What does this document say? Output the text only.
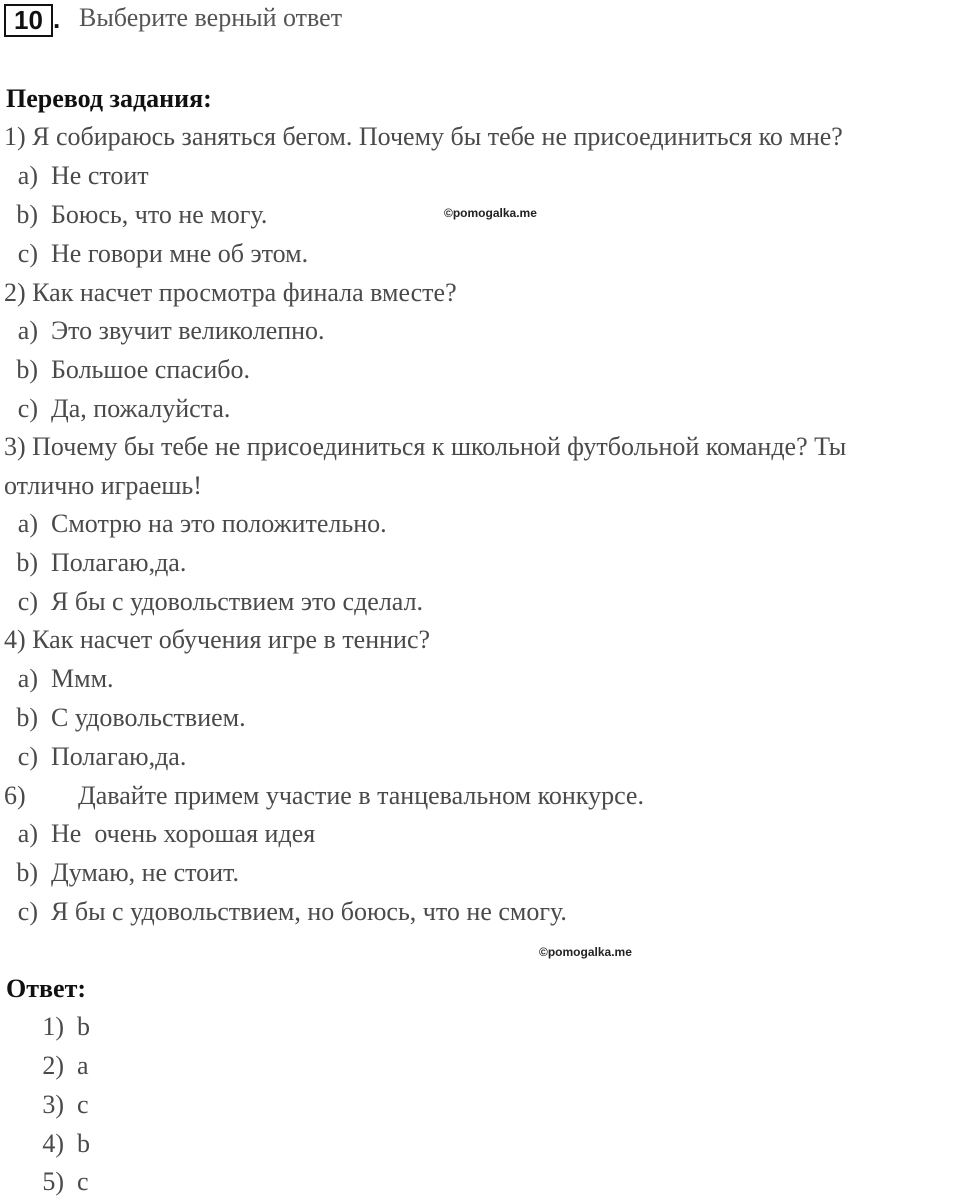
10 . Выберите верный ответ
Перевод задания:
1) Я собираюсь заняться бегом. Почему бы тебе не присоединиться ко мне?
a) Не стоит
b) Боюсь, что не могу.
c) Не говори мне об этом.
©pomogalka.me
2) Как насчет просмотра финала вместе?
a) Это звучит великолепно.
b) Большое спасибо.
c) Да, пожалуйста.
3) Почему бы тебе не присоединиться к школьной футбольной команде? Ты
отлично играешь!
a) Смотрю на это положительно.
b) Полагаю,да.
c) Я бы с удовольствием это сделал.
4) Как насчет обучения игре в теннис?
a) Ммм.
b) С удовольствием.
c) Полагаю,да.
6) Давайте примем участие в танцевальном конкурсе.
a) Не  очень хорошая идея
b) Думаю, не стоит.
c) Я бы с удовольствием, но боюсь, что не смогу.
©pomogalka.me
Ответ:
1) b
2) a
3) c
4) b
5) c
